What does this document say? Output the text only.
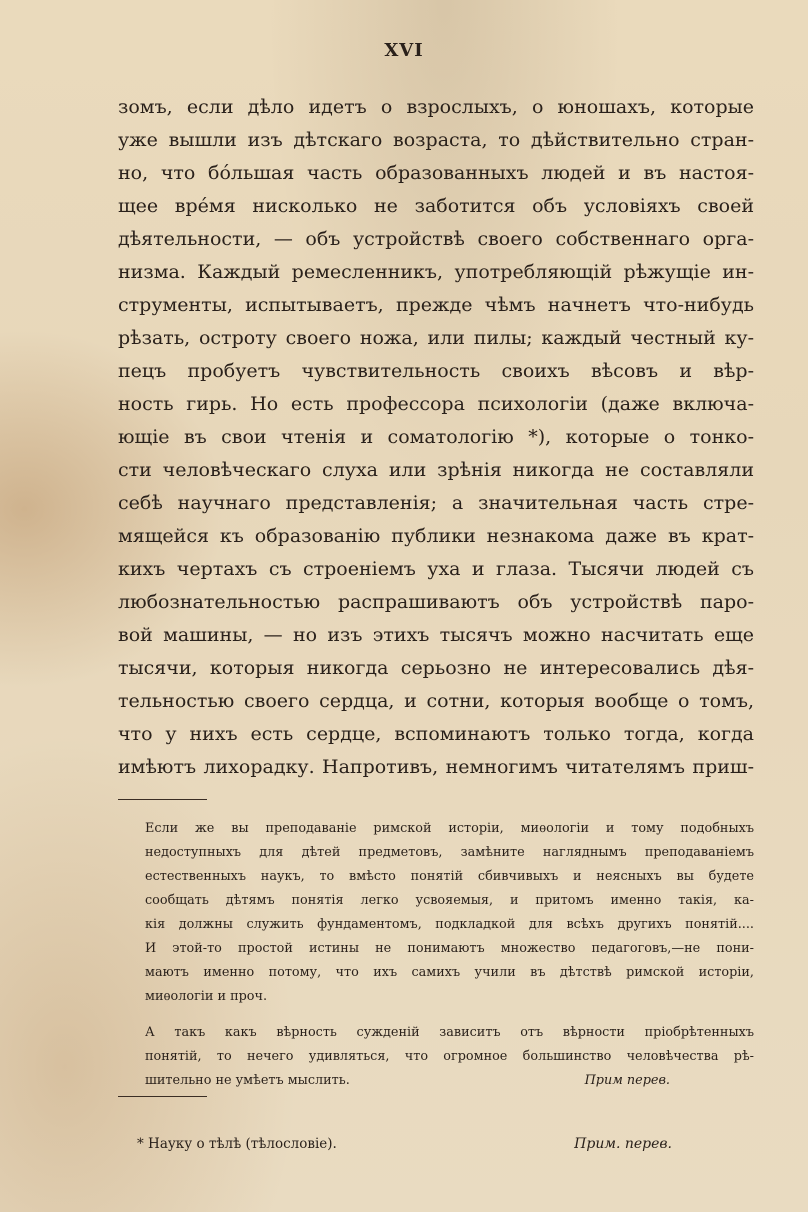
XVI
зомъ, если дѣло идетъ о взрослыхъ, о юношахъ, которые
уже вышли изъ дѣтскаго возраста, то дѣйствительно стран-
но, что бо́льшая часть образованныхъ людей и въ настоя-
щее вре́мя нисколько не заботится объ условіяхъ своей
дѣятельности, — объ устройствѣ своего собственнаго орга-
низма. Каждый ремесленникъ, употребляющій рѣжущіе ин-
струменты, испытываетъ, прежде чѣмъ начнетъ что-нибудь
рѣзать, остроту своего ножа, или пилы; каждый честный ку-
пецъ пробуетъ чувствительность своихъ вѣсовъ и вѣр-
ность гирь. Но есть профессора психологіи (даже включа-
ющіе въ свои чтенія и соматологію *), которые о тонко-
сти человѣческаго слуха или зрѣнія никогда не составляли
себѣ научнаго представленія; а значительная часть стре-
мящейся къ образованію публики незнакома даже въ крат-
кихъ чертахъ съ строеніемъ уха и глаза. Тысячи людей съ
любознательностью распрашиваютъ объ устройствѣ паро-
вой машины, — но изъ этихъ тысячъ можно насчитать еще
тысячи, которыя никогда серьозно не интересовались дѣя-
тельностью своего сердца, и сотни, которыя вообще о томъ,
что у нихъ есть сердце, вспоминаютъ только тогда, когда
имѣютъ лихорадку. Напротивъ, немногимъ читателямъ приш-
Если же вы преподаваніе римской исторіи, миѳологіи и тому подобныхъ
недоступныхъ для дѣтей предметовъ, замѣните нагляднымъ преподаваніемъ
естественныхъ наукъ, то вмѣсто понятій сбивчивыхъ и неясныхъ вы будете
сообщать дѣтямъ понятія легко усвояемыя, и притомъ именно такія, ка-
кія должны служить фундаментомъ, подкладкой для всѣхъ другихъ понятій....
И этой-то простой истины не понимаютъ множество педагоговъ,—не пони-
маютъ именно потому, что ихъ самихъ учили въ дѣтствѣ римской исторіи,
миѳологіи и проч.
А такъ какъ вѣрность сужденій зависитъ отъ вѣрности пріобрѣтенныхъ
понятій, то нечего удивляться, что огромное большинство человѣчества рѣ-
шительно не умѣетъ мыслить.	Прим перев.
* Науку о тѣлѣ (тѣлословіе).	Прим. перев.
